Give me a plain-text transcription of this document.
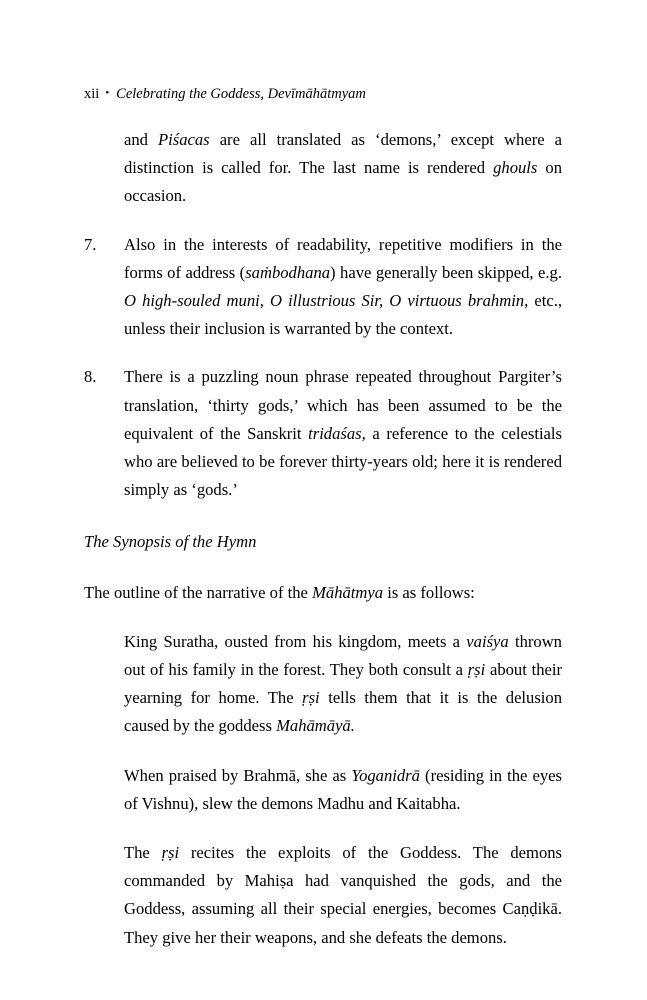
xii • Celebrating the Goddess, Devīmāhātmyam

and Piśacas are all translated as ‘demons,’ except where a distinction is called for. The last name is rendered ghouls on occasion.

7.	Also in the interests of readability, repetitive modifiers in the forms of address (saṁbodhana) have generally been skipped, e.g. O high-souled muni, O illustrious Sir, O virtuous brahmin, etc., unless their inclusion is warranted by the context.

8.	There is a puzzling noun phrase repeated throughout Pargiter’s translation, ‘thirty gods,’ which has been assumed to be the equivalent of the Sanskrit tridaśas, a reference to the celestials who are believed to be forever thirty-years old; here it is rendered simply as ‘gods.’

The Synopsis of the Hymn

The outline of the narrative of the Māhātmya is as follows:

King Suratha, ousted from his kingdom, meets a vaiśya thrown out of his family in the forest. They both consult a ṛṣi about their yearning for home. The ṛṣi tells them that it is the delusion caused by the goddess Mahāmāyā.

When praised by Brahmā, she as Yoganidrā (residing in the eyes of Vishnu), slew the demons Madhu and Kaitabha.

The ṛṣi recites the exploits of the Goddess. The demons commanded by Mahiṣa had vanquished the gods, and the Goddess, assuming all their special energies, becomes Caṇḍikā. They give her their weapons, and she defeats the demons.
